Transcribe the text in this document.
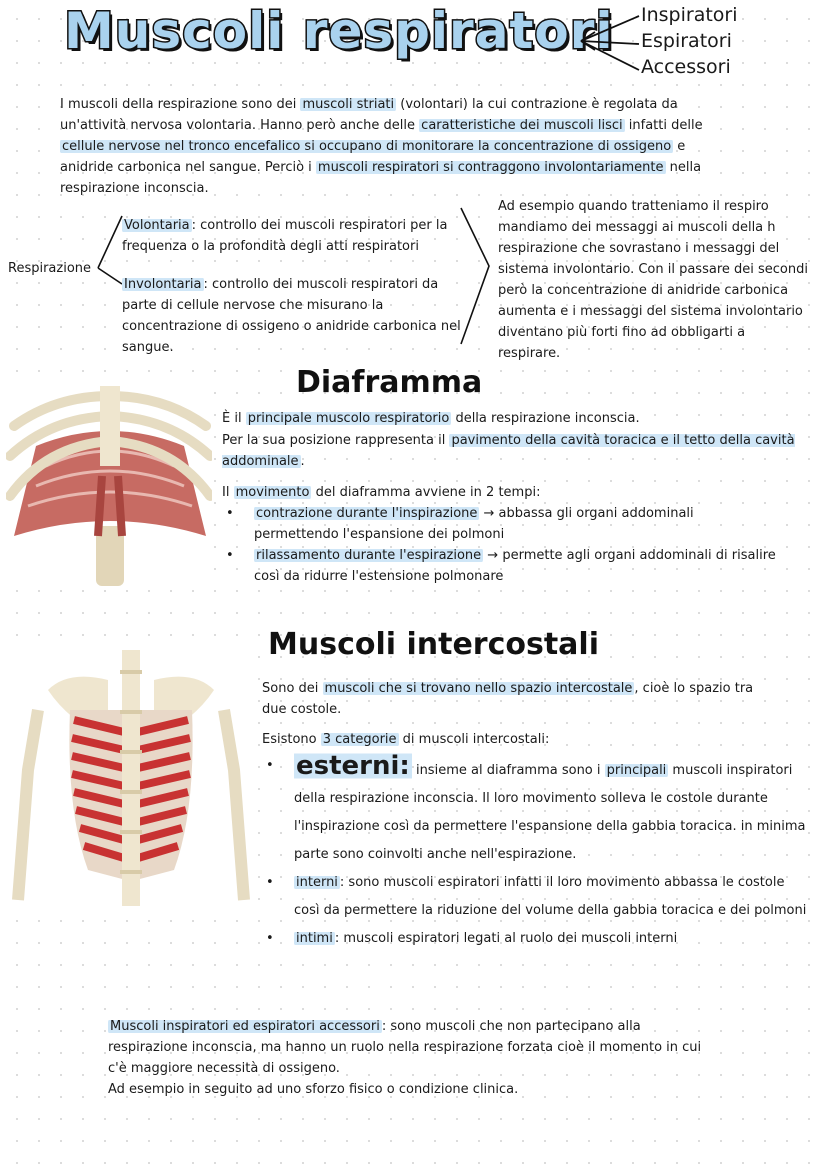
Muscoli respiratori Inspiratori
Espiratori
Accessori
I muscoli della respirazione sono dei muscoli striati (volontari) la cui contrazione è regolata da un'attività nervosa volontaria. Hanno però anche delle caratteristiche dei muscoli lisci infatti delle cellule nervose nel tronco encefalico si occupano di monitorare la concentrazione di ossigeno e anidride carbonica nel sangue. Perciò i muscoli respiratori si contraggono involontariamente nella respirazione inconscia.
Respirazione
Volontaria : controllo dei muscoli respiratori per la frequenza o la profondità degli atti respiratori
Involontaria : controllo dei muscoli respiratori da parte di cellule nervose che misurano la concentrazione di ossigeno o anidride carbonica nel sangue.
Ad esempio quando tratteniamo il respiro mandiamo dei messaggi ai muscoli della h respirazione che sovrastano i messaggi del sistema involontario. Con il passare dei secondi però la concentrazione di anidride carbonica aumenta e i messaggi del sistema involontario diventano più forti fino ad obbligarti a respirare.
Diaframma
È il principale muscolo respiratorio della respirazione inconscia.
Per la sua posizione rappresenta il pavimento della cavità toracica e il tetto della cavità addominale .
Il movimento del diaframma avviene in 2 tempi:
• contrazione durante l'inspirazione → abbassa gli organi addominali permettendo l'espansione dei polmoni
• rilassamento durante l'espirazione → permette agli organi addominali di risalire così da ridurre l'estensione polmonare
Muscoli intercostali
Sono dei muscoli che si trovano nello spazio intercostale , cioè lo spazio tra due costole.
Esistono 3 categorie di muscoli intercostali:
• esterni: insieme al diaframma sono i principali muscoli inspiratori della respirazione inconscia. Il loro movimento solleva le costole durante l'inspirazione così da permettere l'espansione della gabbia toracica. in minima parte sono coinvolti anche nell'espirazione.
• interni : sono muscoli espiratori infatti il loro movimento abbassa le costole così da permettere la riduzione del volume della gabbia toracica e dei polmoni
• intimi : muscoli espiratori legati al ruolo dei muscoli interni
Muscoli inspiratori ed espiratori accessori : sono muscoli che non partecipano alla respirazione inconscia, ma hanno un ruolo nella respirazione forzata cioè il momento in cui c'è maggiore necessità di ossigeno.
Ad esempio in seguito ad uno sforzo fisico o condizione clinica.
